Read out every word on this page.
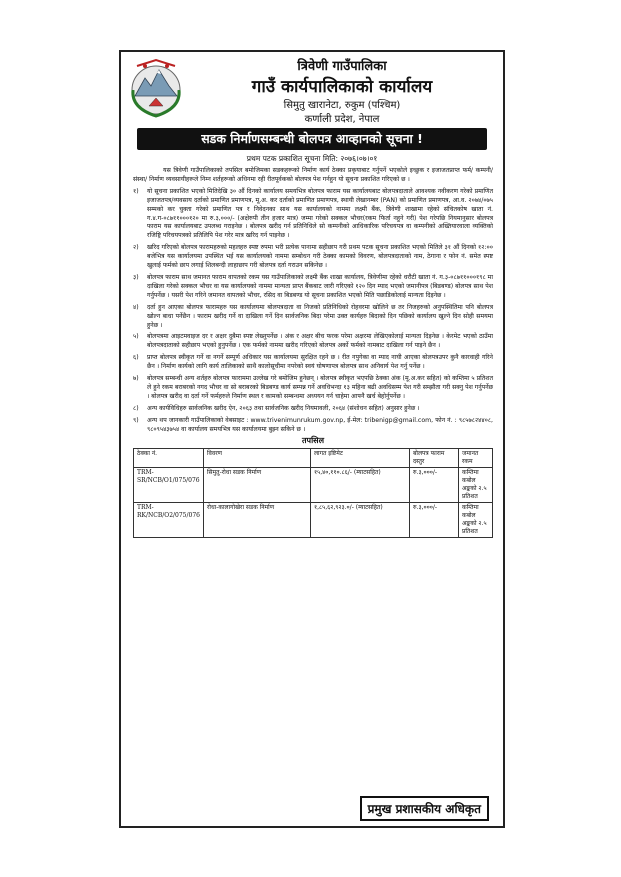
त्रिवेणी गाउँपालिका
गाउँ कार्यपालिकाको कार्यालय
सिमुतु खारानेटा, रुकुम (पश्चिम)
कर्णाली प्रदेश, नेपाल
सडक निर्माणसम्बन्धी बोलपत्र आव्हानको सूचना !
प्रथम पटक प्रकाशित सूचना मिति: २०७६।०७।०१

यस त्रिवेणी गाउँपालिकाको तपसिल बमोजिमका सडकहरूको निर्माण कार्य ठेक्का प्रकृयाबाट गर्नुपर्ने भएकोले इच्छुक र इजाजतप्राप्त फर्म/ कम्पनी/ संस्था/ निर्माण व्यवसायीहरूले निम्न शर्तहरूको अधिनमा रही रीतपूर्वकको बोलपत्र पेश गर्नहुन यो सूचना प्रकाशित गरिएको छ ।

१)	यो सूचना प्रकाशित भएको मितिदेखि ३० औं दिनको कार्यालय समयभित्र बोलपत्र फाराम यस कार्यालयबाट बोलपत्रदाताले आवश्यक नवीकरण गरेको प्रमाणित इजाजतपत्र/व्यवसाय दर्ताको प्रमाणित प्रमाणपत्र, मू.अ. कर दर्ताको प्रमाणित प्रमाणपत्र, स्थायी लेखानम्बर (PAN) को प्रमाणित प्रमाणपत्र, आ.व. २०७४/०७५ सम्मको कर चुक्ता गरेको प्रमाणित पत्र र निवेदनका साथ यस कार्यालयको नाममा लक्ष्मी बैंक, त्रिवेणी शाखामा रहेको संचितकोष खाता नं. ग.४.ग-०८७११०००१२० मा रु.३,०००/- (अक्षेरुपी तीन हजार मात्र) जम्मा गरेको सक्कल भौचर(रकम फिर्ता नहुने गरी) पेश गरेपछि नियमानुसार बोलपत्र फाराम यस कार्यालयबाट उपलब्ध गराइनेछ । बोलपत्र खरीद गर्न प्रतिनिधिले सो कम्पनीको आधिकारिक परिचयपत्र वा कम्पनीको अख्तियारवाला व्यक्तिको रजिष्ट्रि परिचयपत्रको प्रतिलिपि पेश गरेर मात्र खरिद गर्न पाइनेछ ।
२)	खरिद गरिएको बोलपत्र फारामहरुको महलहरु स्पष्ट रुपमा भरी प्रत्येक पानामा सहीछाप गरी प्रथम पटक सूचना प्रकाशित भएको मितिले ३१ औं दिनको १२:०० बजेभित्र यस कार्यालयमा उपस्थित भई यस कार्यालयको नाममा सम्बोधन गरी ठेक्का कामको विवरण, बोलपत्रदाताको नाम, ठेगाना र फोन नं. समेत स्पष्ट खुलाई फर्मको छाप लगाई शिलबन्दी लाहाछाप गरी बोलपत्र दर्ता गराउन सकिनेछ ।
३)	बोलपत्र फाराम साथ जमानत फाराम वापतको रकम यस गाउँपालिकाको लक्ष्मी बैंक शाखा कार्यालय, त्रिवेणीमा रहेको धरौटी खाता नं. ग.३-०८७११०००१९८ मा दाखिला गरेको सक्कल भौचर वा यस कार्यालयको नाममा मान्यता प्राप्त बैंकबाट जारी गरिएको १२० दिन म्याद भएको जमानीपत्र (बिडबण्ड) बोलपत्र साथ पेश गर्नुपर्नेछ । यसरी पेश गरिने जमानत वापतको भौचर, रसिद वा बिडबण्ड यो सूचना प्रकाशित भएको मिति पछाडिकोलाई मान्यता दिइनेछ ।
४)	दर्ता हुन आएका बोलपत्र फारामहरु यस कार्यालयमा बोलपत्रदाता वा निजको प्रतिनिधिको रोहवरमा खोलिने छ तर निजहरुको अनुपस्थितिमा पनि बोलपत्र खोल्न बाधा पर्नेछैन । फाराम खरीद गर्ने वा दाखिला गर्ने दिन सार्वजनिक बिदा परेमा उक्त कार्यहरु बिदाको दिन पछिको कार्यालय खुल्ने दिन सोही समयमा हुनेछ ।
५)	बोलपत्रमा आइटमवाइज दर र अक्षर दुबैमा स्पष्ट लेख्नुपर्नेछ । अंक र अक्षर बीच फरक परेमा अक्षरमा लेखिएकोलाई मान्यता दिइनेछ । केरमेट भएको ठाउँमा बोलपत्रदाताको सहीछाप भएको हुनुपर्नेछ । एक फर्मको नाममा खरीद गरिएको बोलपत्र अर्को फर्मको नामबाट दाखिला गर्न पाइने छैन ।
६)	प्राप्त बोलपत्र स्वीकृत गर्ने वा नगर्ने सम्पूर्ण अधिकार यस कार्यालयमा सुरक्षित रहने छ । रीत नपुगेका वा म्याद नाघी आएका बोलपत्रउपर कुनै कारवाही गरिने छैन । निर्माण कार्यको लागि कार्य तालिकाको साथै कालोसूचीमा नपरेको स्वयं घोषणापत्र बोलपत्र साथ अनिवार्य पेश गर्नु पर्नेछ ।
७)	बोलपत्र सम्बन्धी अन्य शर्तहरु बोलपत्र फाराममा उल्लेख गरे बमोजिम हुनेछन् । बोलपत्र स्वीकृत भएपछि ठेक्का अंक (मू.अ.कर सहित) को कम्तिमा ५ प्रतिशत ले हुने रकम बराबरको नगद भौचर वा सो बराबरको बिडबण्ड कार्य सम्पन्न गर्ने अवधिभन्दा १३ महिना बढी अवधिसम्म पेश गरी सम्झौता गरी सक्नु पेश गर्नुपर्नेछ । बोलपत्र खरीद वा दर्ता गर्ने फर्महरुले निर्माण स्थल र कामको सम्बन्धमा अध्ययन गर्न चाहेमा आफ्नै खर्च बेहोर्नुपर्नेछ ।
८)	अन्य कार्यविधिहरु सार्वजनिक खरीद ऐन, २०६३ तथा सार्वजनिक खरीद नियमावली, २०६४ (संशोधन सहित) अनुसार हुनेछ ।
९)	अन्य थप जानकारी गाउँपालिकाको वेबसाइट : www.trivenimunrukum.gov.np, ई-मेल: tribenigp@gmail.com, फोन नं. : ९८५७८२४४०८, ९८०९५४३७५४ वा कार्यालय समयभित्र यस कार्यालयमा बुझ्न सकिने छ ।
तपसिल
ठेक्का नं.	विवरण	लागत इष्टिमेट	बोलपत्र फाराम दस्तुर	जमानत रकम
TRM-SR/NCB/O1/075/076	सिमुतु-रोधा सडक निर्माण	१५,४०,११०.८६/- (म्याटसहित)	रु.३,०००/-	कम्तिमा कबोल अङ्कको २.५ प्रतिशत
TRM-RK/NCB/O2/075/076	रोधा-कालागोखेरा सडक निर्माण	१,८५,६२,९२३.०/- (म्याटसहित)	रु.३,०००/-	कम्तिमा कबोल अङ्कको २.५ प्रतिशत
प्रमुख प्रशासकीय अधिकृत
